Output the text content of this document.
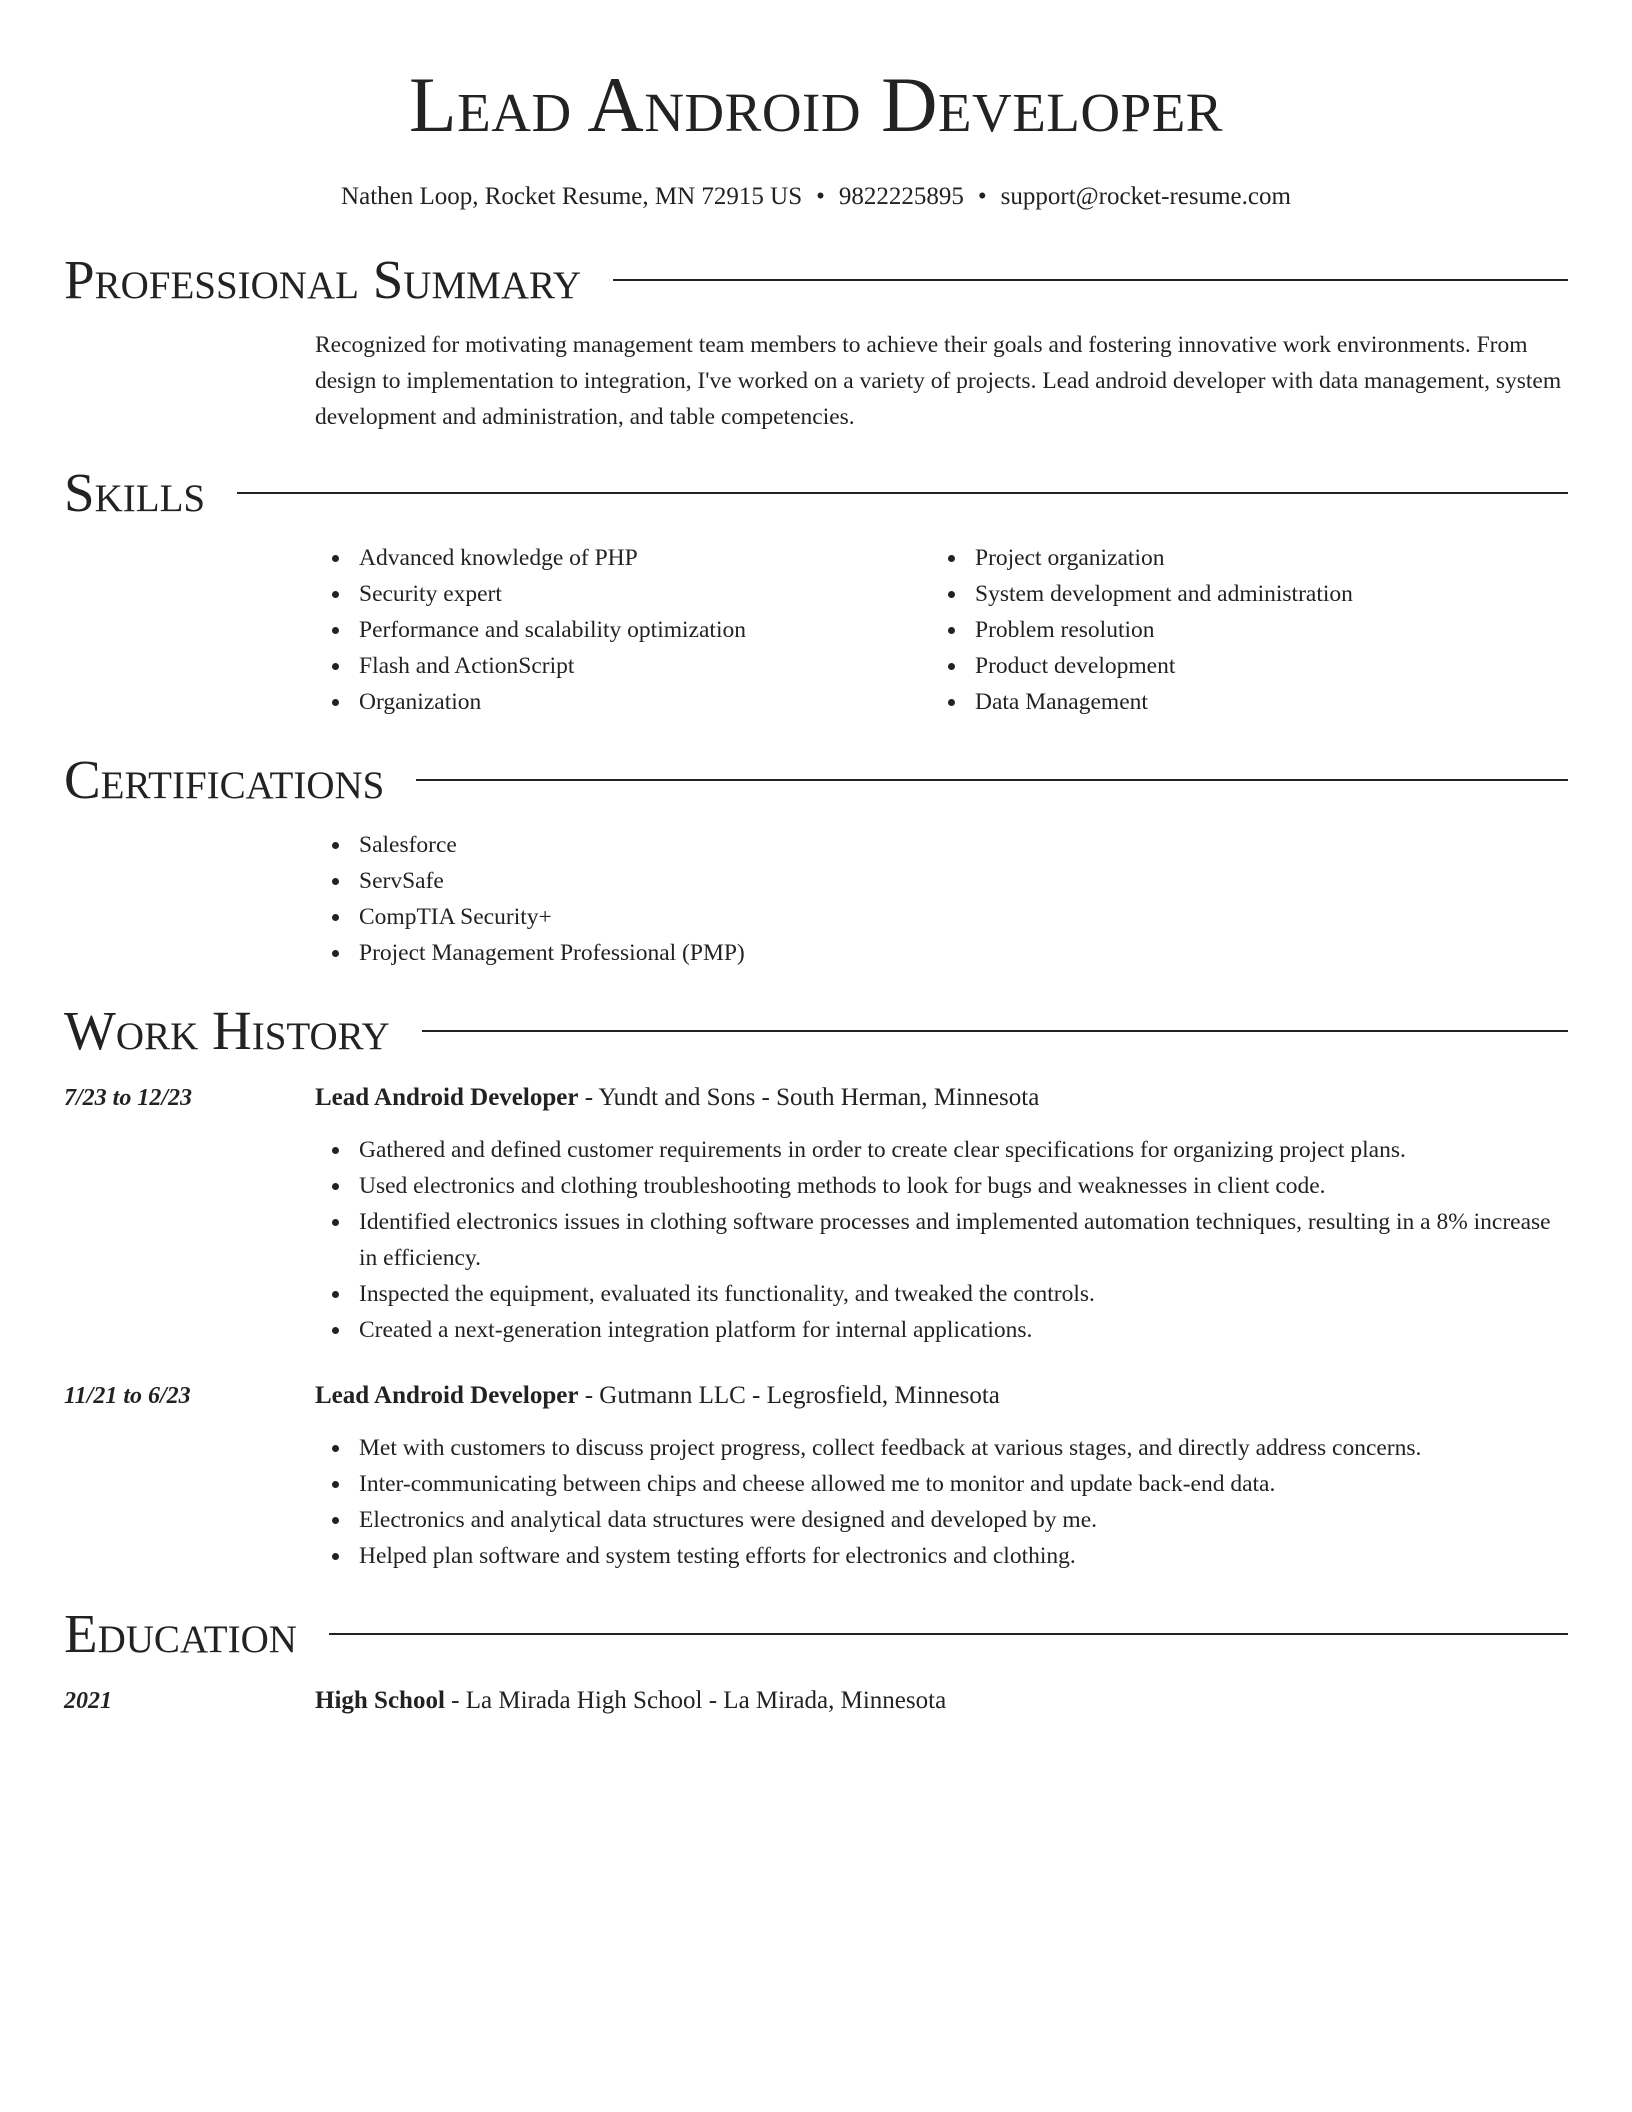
Lead Android Developer
Nathen Loop, Rocket Resume, MN 72915 US • 9822225895 • support@rocket-resume.com
Professional Summary

Recognized for motivating management team members to achieve their goals and fostering innovative work environments. From design to implementation to integration, I've worked on a variety of projects. Lead android developer with data management, system development and administration, and table competencies.

Skills
Advanced knowledge of PHP
Security expert
Performance and scalability optimization
Flash and ActionScript
Organization
Project organization
System development and administration
Problem resolution
Product development
Data Management
Certifications
Salesforce
ServSafe
CompTIA Security+
Project Management Professional (PMP)
Work History
7/23 to 12/23	Lead Android Developer - Yundt and Sons - South Herman, Minnesota
Gathered and defined customer requirements in order to create clear specifications for organizing project plans.
Used electronics and clothing troubleshooting methods to look for bugs and weaknesses in client code.
Identified electronics issues in clothing software processes and implemented automation techniques, resulting in a 8% increase in efficiency.
Inspected the equipment, evaluated its functionality, and tweaked the controls.
Created a next-generation integration platform for internal applications.
11/21 to 6/23	Lead Android Developer - Gutmann LLC - Legrosfield, Minnesota
Met with customers to discuss project progress, collect feedback at various stages, and directly address concerns.
Inter-communicating between chips and cheese allowed me to monitor and update back-end data.
Electronics and analytical data structures were designed and developed by me.
Helped plan software and system testing efforts for electronics and clothing.
Education
2021	High School - La Mirada High School - La Mirada, Minnesota
